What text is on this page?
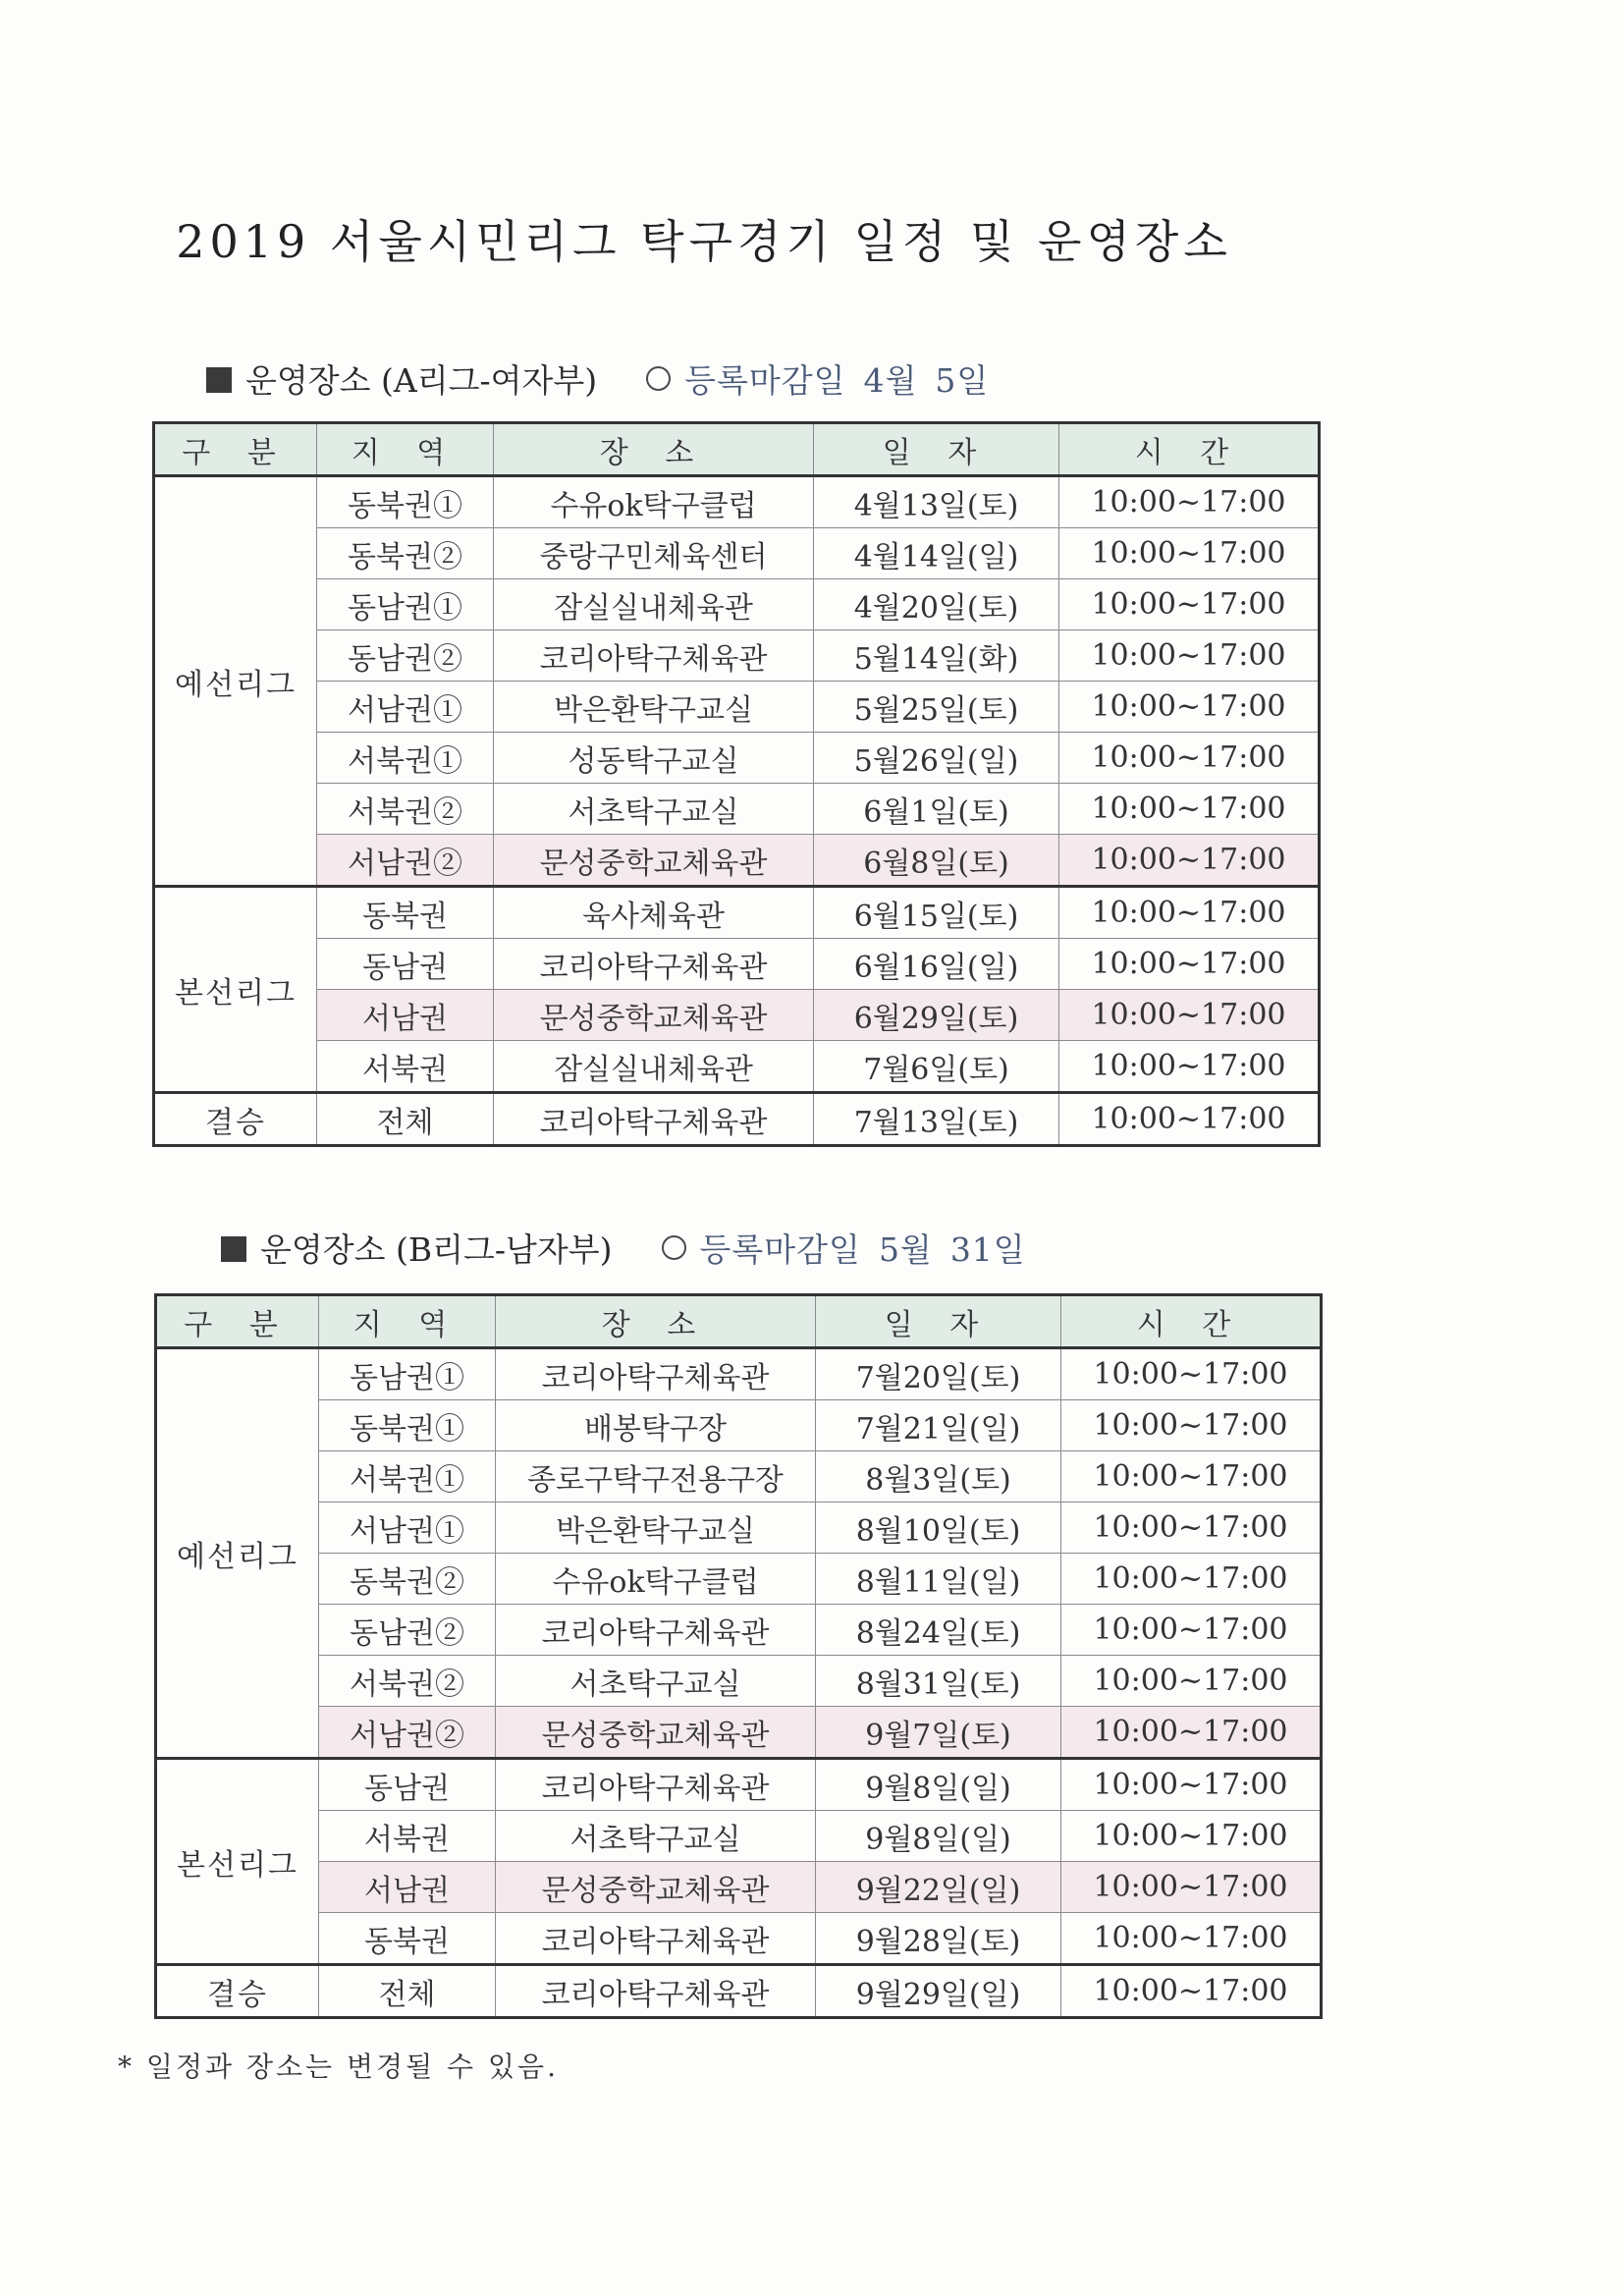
2019 서울시민리그 탁구경기 일정 및 운영장소
운영장소 (A리그-여자부)	등록마감일 4월 5일
구 분	지 역	장 소	일 자	시 간
예선리그	동북권①	수유ok탁구클럽	4월13일(토)	10:00~17:00
	동북권②	중랑구민체육센터	4월14일(일)	10:00~17:00
	동남권①	잠실실내체육관	4월20일(토)	10:00~17:00
	동남권②	코리아탁구체육관	5월14일(화)	10:00~17:00
	서남권①	박은환탁구교실	5월25일(토)	10:00~17:00
	서북권①	성동탁구교실	5월26일(일)	10:00~17:00
	서북권②	서초탁구교실	6월1일(토)	10:00~17:00
	서남권②	문성중학교체육관	6월8일(토)	10:00~17:00
본선리그	동북권	육사체육관	6월15일(토)	10:00~17:00
	동남권	코리아탁구체육관	6월16일(일)	10:00~17:00
	서남권	문성중학교체육관	6월29일(토)	10:00~17:00
	서북권	잠실실내체육관	7월6일(토)	10:00~17:00
결승	전체	코리아탁구체육관	7월13일(토)	10:00~17:00
운영장소 (B리그-남자부)	등록마감일 5월 31일
구 분	지 역	장 소	일 자	시 간
예선리그	동남권①	코리아탁구체육관	7월20일(토)	10:00~17:00
	동북권①	배봉탁구장	7월21일(일)	10:00~17:00
	서북권①	종로구탁구전용구장	8월3일(토)	10:00~17:00
	서남권①	박은환탁구교실	8월10일(토)	10:00~17:00
	동북권②	수유ok탁구클럽	8월11일(일)	10:00~17:00
	동남권②	코리아탁구체육관	8월24일(토)	10:00~17:00
	서북권②	서초탁구교실	8월31일(토)	10:00~17:00
	서남권②	문성중학교체육관	9월7일(토)	10:00~17:00
본선리그	동남권	코리아탁구체육관	9월8일(일)	10:00~17:00
	서북권	서초탁구교실	9월8일(일)	10:00~17:00
	서남권	문성중학교체육관	9월22일(일)	10:00~17:00
	동북권	코리아탁구체육관	9월28일(토)	10:00~17:00
결승	전체	코리아탁구체육관	9월29일(일)	10:00~17:00
* 일정과 장소는 변경될 수 있음.
